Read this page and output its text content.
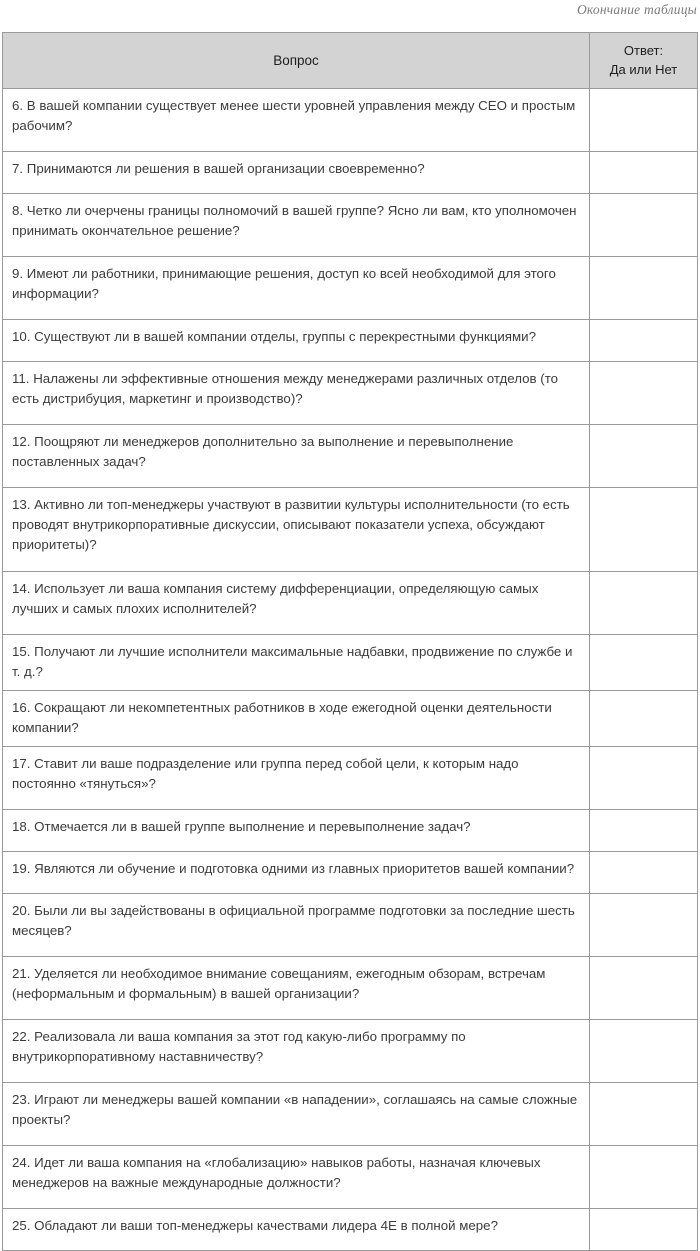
Окончание таблицы
Вопрос	Ответ:
Да или Нет

6. В вашей компании существует менее шести уровней управления между CEO и простым рабочим?	
7. Принимаются ли решения в вашей организации своевременно?	
8. Четко ли очерчены границы полномочий в вашей группе? Ясно ли вам, кто уполномочен принимать окончательное решение?	
9. Имеют ли работники, принимающие решения, доступ ко всей необходимой для этого информации?	
10. Существуют ли в вашей компании отделы, группы с перекрестными функциями?	
11. Налажены ли эффективные отношения между менеджерами различных отделов (то есть дистрибуция, маркетинг и производство)?	
12. Поощряют ли менеджеров дополнительно за выполнение и перевыполнение поставленных задач?	
13. Активно ли топ-менеджеры участвуют в развитии культуры исполнительности (то есть проводят внутрикорпоративные дискуссии, описывают показатели успеха, обсуждают приоритеты)?	
14. Использует ли ваша компания систему дифференциации, определяющую самых лучших и самых плохих исполнителей?	
15. Получают ли лучшие исполнители максимальные надбавки, продвижение по службе и т. д.?	
16. Сокращают ли некомпетентных работников в ходе ежегодной оценки деятельности компании?	
17. Ставит ли ваше подразделение или группа перед собой цели, к которым надо постоянно «тянуться»?	
18. Отмечается ли в вашей группе выполнение и перевыполнение задач?	
19. Являются ли обучение и подготовка одними из главных приоритетов вашей компании?	
20. Были ли вы задействованы в официальной программе подготовки за последние шесть месяцев?	
21. Уделяется ли необходимое внимание совещаниям, ежегодным обзорам, встречам (неформальным и формальным) в вашей организации?	
22. Реализовала ли ваша компания за этот год какую-либо программу по внутрикорпоративному наставничеству?	
23. Играют ли менеджеры вашей компании «в нападении», соглашаясь на самые сложные проекты?	
24. Идет ли ваша компания на «глобализацию» навыков работы, назначая ключевых менеджеров на важные международные должности?	
25. Обладают ли ваши топ-менеджеры качествами лидера 4Е в полной мере?	
